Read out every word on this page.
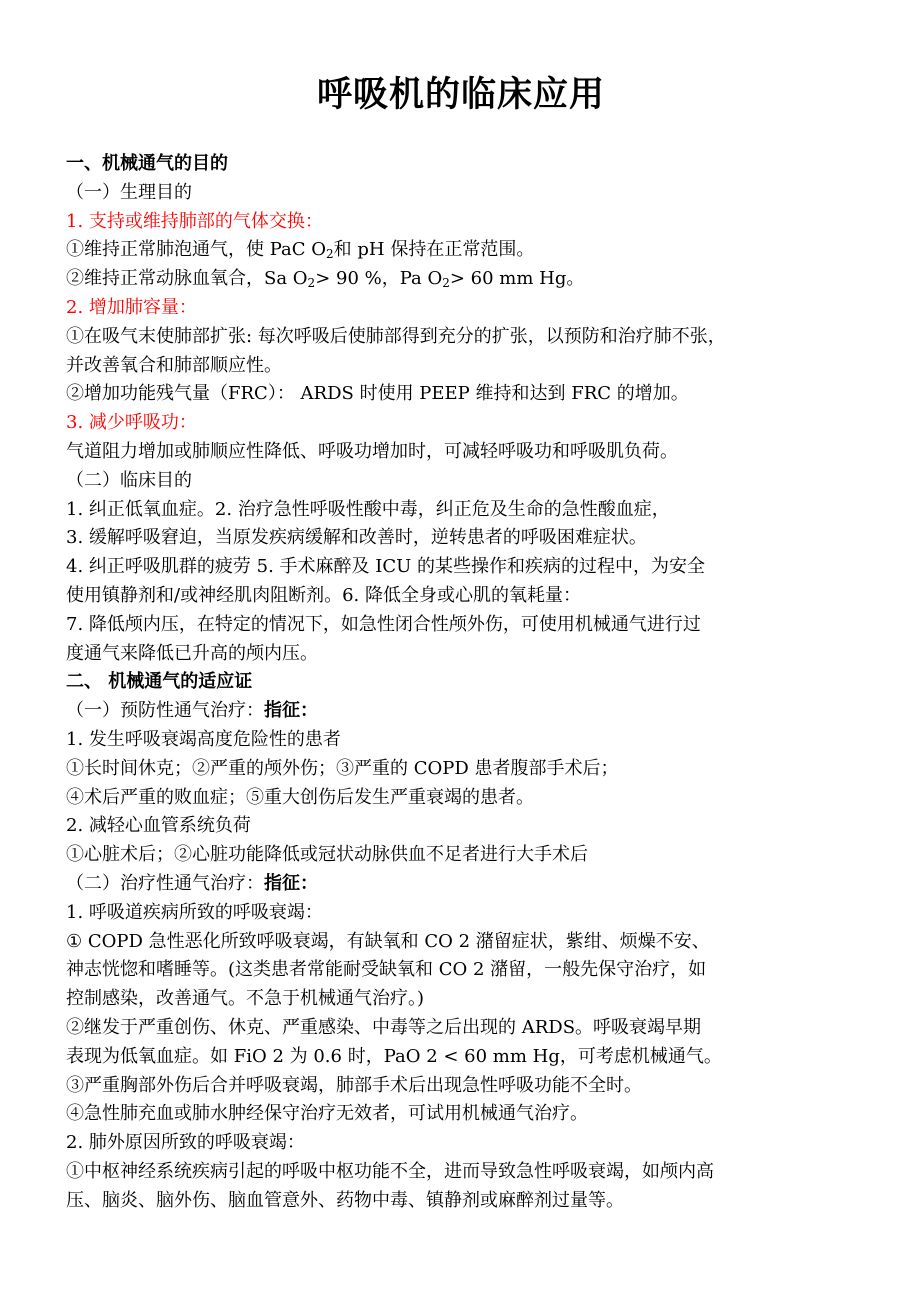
呼吸机的临床应用
一、机械通气的目的
（一）生理目的
1. 支持或维持肺部的气体交换：
①维持正常肺泡通气，使 PaC $O_2$和 pH 保持在正常范围。
②维持正常动脉血氧合，Sa $O_2> 90$ %，Pa $O_2> 60$ mm Hg。
2. 增加肺容量：
①在吸气末使肺部扩张: 每次呼吸后使肺部得到充分的扩张，以预防和治疗肺不张，
并改善氧合和肺部顺应性。
②增加功能残气量（FRC）： ARDS 时使用 PEEP 维持和达到 FRC 的增加。
3. 减少呼吸功：
气道阻力增加或肺顺应性降低、呼吸功增加时，可减轻呼吸功和呼吸肌负荷。
（二）临床目的
1. 纠正低氧血症。2. 治疗急性呼吸性酸中毒，纠正危及生命的急性酸血症，
3. 缓解呼吸窘迫，当原发疾病缓解和改善时，逆转患者的呼吸困难症状。
4. 纠正呼吸肌群的疲劳 5. 手术麻醉及 ICU 的某些操作和疾病的过程中，为安全
使用镇静剂和/或神经肌肉阻断剂。6. 降低全身或心肌的氧耗量：
7. 降低颅内压，在特定的情况下，如急性闭合性颅外伤，可使用机械通气进行过
度通气来降低已升高的颅内压。
二、 机械通气的适应证
（一）预防性通气治疗：指征：
1. 发生呼吸衰竭高度危险性的患者
①长时间休克；②严重的颅外伤；③严重的 COPD 患者腹部手术后；
④术后严重的败血症；⑤重大创伤后发生严重衰竭的患者。
2. 减轻心血管系统负荷
①心脏术后；②心脏功能降低或冠状动脉供血不足者进行大手术后
（二）治疗性通气治疗：指征：
1. 呼吸道疾病所致的呼吸衰竭：
① COPD 急性恶化所致呼吸衰竭，有缺氧和 CO 2 潴留症状，紫绀、烦燥不安、
神志恍惚和嗜睡等。(这类患者常能耐受缺氧和 CO 2 潴留，一般先保守治疗，如
控制感染，改善通气。不急于机械通气治疗。)
②继发于严重创伤、休克、严重感染、中毒等之后出现的 ARDS。呼吸衰竭早期
表现为低氧血症。如 FiO 2 为 0.6 时，PaO 2 < 60 mm Hg，可考虑机械通气。
③严重胸部外伤后合并呼吸衰竭，肺部手术后出现急性呼吸功能不全时。
④急性肺充血或肺水肿经保守治疗无效者，可试用机械通气治疗。
2. 肺外原因所致的呼吸衰竭：
①中枢神经系统疾病引起的呼吸中枢功能不全，进而导致急性呼吸衰竭，如颅内高
压、脑炎、脑外伤、脑血管意外、药物中毒、镇静剂或麻醉剂过量等。
